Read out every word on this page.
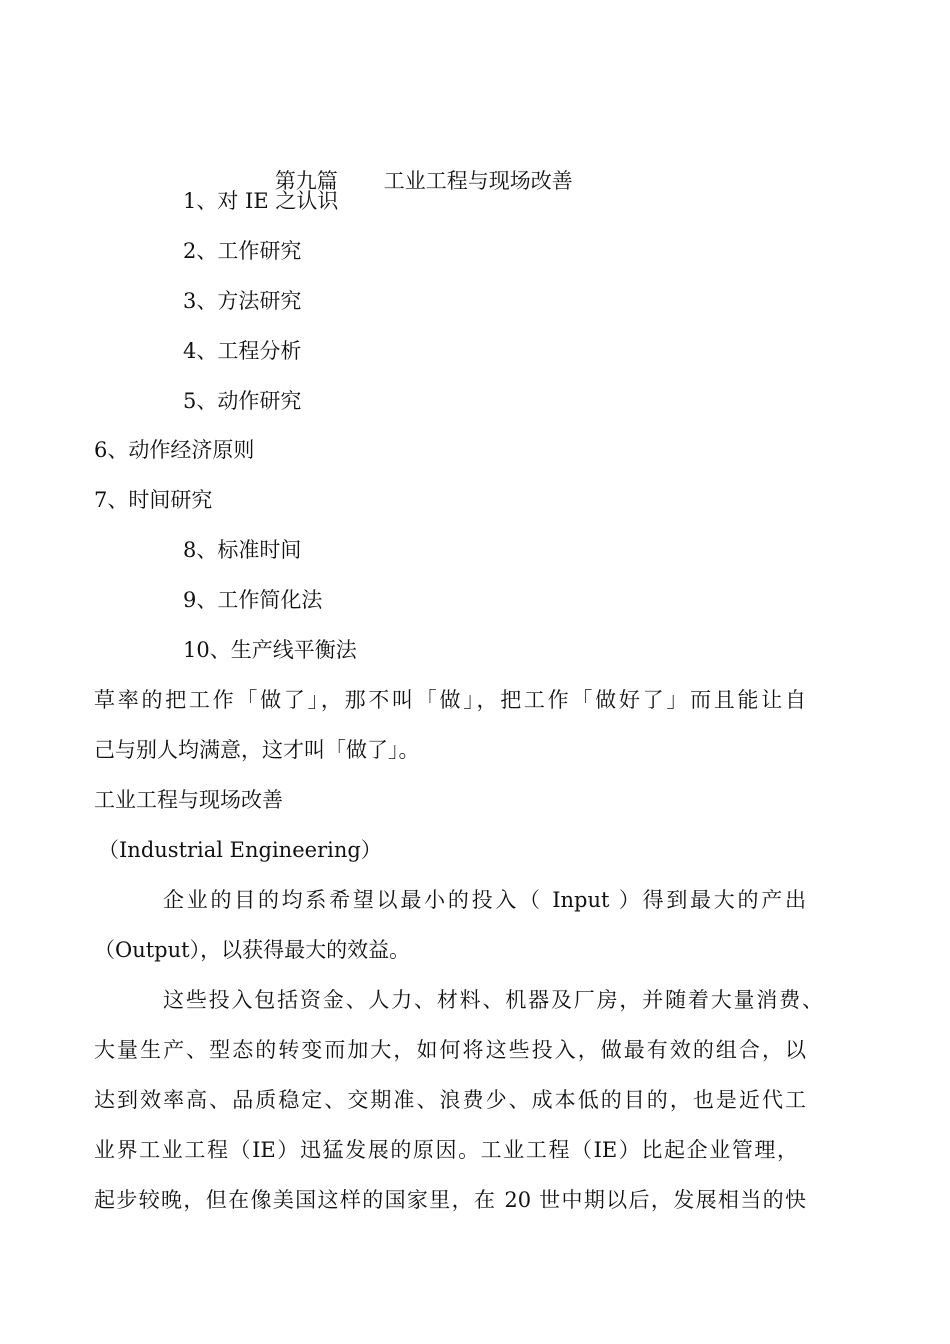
第九篇 工业工程与现场改善

1、对 IE 之认识
2、工作研究
3、方法研究
4、工程分析
5、动作研究
6、动作经济原则
7、时间研究
8、标准时间
9、工作简化法
10、生产线平衡法
草率的把工作「做了」，那不叫「做」，把工作「做好了」而且能让自
己与别人均满意，这才叫「做了」。
工业工程与现场改善
（Industrial Engineering）
企业的目的均系希望以最小的投入（ Input ）得到最大的产出
（Output），以获得最大的效益。
这些投入包括资金、人力、材料、机器及厂房，并随着大量消费、
大量生产、型态的转变而加大，如何将这些投入，做最有效的组合，以
达到效率高、品质稳定、交期准、浪费少、成本低的目的，也是近代工
业界工业工程（IE）迅猛发展的原因。工业工程（IE）比起企业管理，
起步较晚，但在像美国这样的国家里，在 20 世中期以后，发展相当的快
